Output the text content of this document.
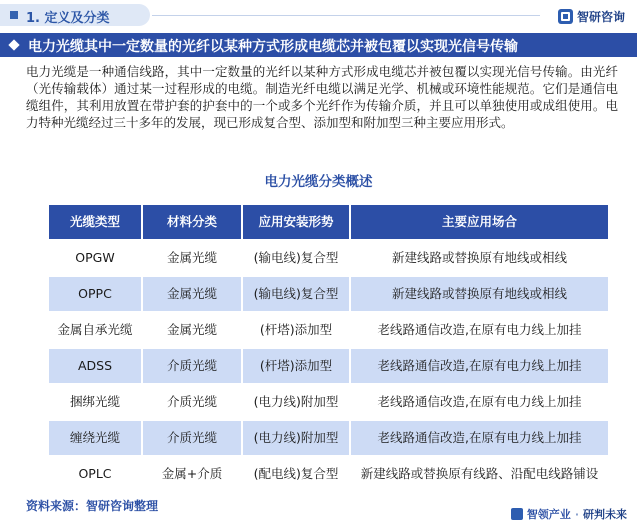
1. 定义及分类	智研咨询
电力光缆其中一定数量的光纤以某种方式形成电缆芯并被包覆以实现光信号传输
电力光缆是一种通信线路，其中一定数量的光纤以某种方式形成电缆芯并被包覆以实现光信号传输。由光纤（光传输载体）通过某一过程形成的电缆。制造光纤电缆以满足光学、机械或环境性能规范。它们是通信电缆组件，其利用放置在带护套的护套中的一个或多个光纤作为传输介质，并且可以单独使用或成组使用。电力特种光缆经过三十多年的发展，现已形成复合型、添加型和附加型三种主要应用形式。
电力光缆分类概述
光缆类型	材料分类	应用安装形势	主要应用场合
OPGW	金属光缆	(输电线)复合型	新建线路或替换原有地线或相线
OPPC	金属光缆	(输电线)复合型	新建线路或替换原有地线或相线
金属自承光缆	金属光缆	(杆塔)添加型	老线路通信改造,在原有电力线上加挂
ADSS	介质光缆	(杆塔)添加型	老线路通信改造,在原有电力线上加挂
捆绑光缆	介质光缆	(电力线)附加型	老线路通信改造,在原有电力线上加挂
缠绕光缆	介质光缆	(电力线)附加型	老线路通信改造,在原有电力线上加挂
OPLC	金属+介质	(配电线)复合型	新建线路或替换原有线路、沿配电线路铺设
资料来源：智研咨询整理
智领产业 · 研判未来
